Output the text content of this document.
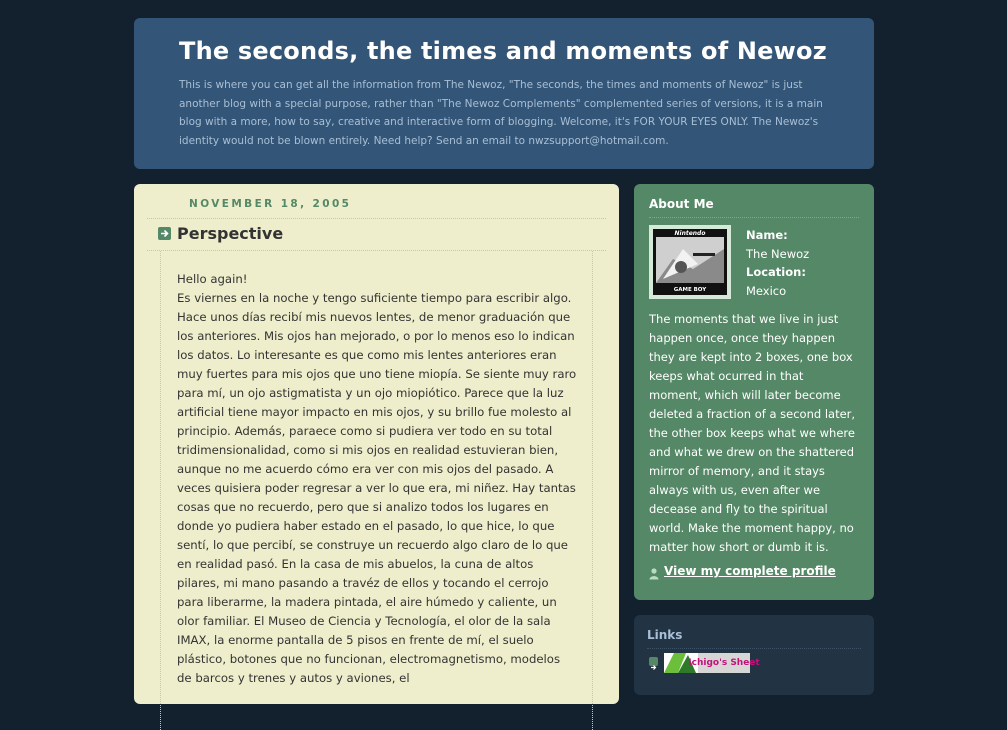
The seconds, the times and moments of Newoz

This is where you can get all the information from The Newoz, "The seconds, the times and moments of Newoz" is just another blog with a special purpose, rather than "The Newoz Complements" complemented series of versions, it is a main blog with a more, how to say, creative and interactive form of blogging. Welcome, it's FOR YOUR EYES ONLY. The Newoz's identity would not be blown entirely. Need help? Send an email to nwzsupport@hotmail.com.

NOVEMBER 18, 2005
Perspective
Hello again!
Es viernes en la noche y tengo suficiente tiempo para escribir algo. Hace unos días recibí mis nuevos lentes, de menor graduación que los anteriores. Mis ojos han mejorado, o por lo menos eso lo indican los datos. Lo interesante es que como mis lentes anteriores eran muy fuertes para mis ojos que uno tiene miopía. Se siente muy raro para mí, un ojo astigmatista y un ojo miopiótico. Parece que la luz artificial tiene mayor impacto en mis ojos, y su brillo fue molesto al principio. Además, paraece como si pudiera ver todo en su total tridimensionalidad, como si mis ojos en realidad estuvieran bien, aunque no me acuerdo cómo era ver con mis ojos del pasado. A veces quisiera poder regresar a ver lo que era, mi niñez. Hay tantas cosas que no recuerdo, pero que si analizo todos los lugares en donde yo pudiera haber estado en el pasado, lo que hice, lo que sentí, lo que percibí, se construye un recuerdo algo claro de lo que en realidad pasó. En la casa de mis abuelos, la cuna de altos pilares, mi mano pasando a travéz de ellos y tocando el cerrojo para liberarme, la madera pintada, el aire húmedo y caliente, un olor familiar. El Museo de Ciencia y Tecnología, el olor de la sala IMAX, la enorme pantalla de 5 pisos en frente de mí, el suelo plástico, botones que no funcionan, electromagnetismo, modelos de barcos y trenes y autos y aviones, el
About Me
Nintendo
GAME BOY
Name:
The Newoz
Location:
Mexico

The moments that we live in just happen once, once they happen they are kept into 2 boxes, one box keeps what ocurred in that moment, which will later become deleted a fraction of a second later, the other box keeps what we where and what we drew on the shattered mirror of memory, and it stays always with us, even after we decease and fly to the spiritual world. Make the moment happy, no matter how short or dumb it is.

View my complete profile
Links
Ichigo's Sheet
